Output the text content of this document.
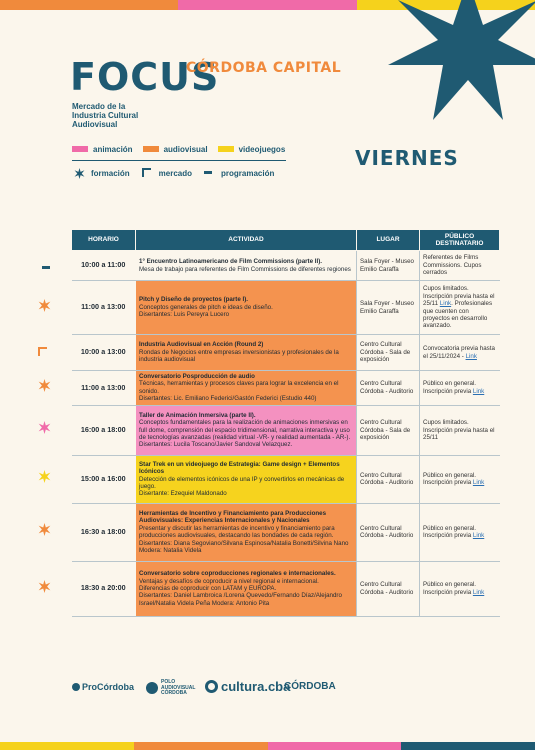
FOCUS
CÓRDOBA CAPITAL
Mercado de la
Industria Cultural
Audiovisual
animación	audiovisual	videojuegos
formación	mercado	programación
VIERNES
HORARIO	ACTIVIDAD	LUGAR	PÚBLICO
DESTINATARIO
10:00 a 11:00	1° Encuentro Latinoamericano de Film Commissions (parte II).
Mesa de trabajo para referentes de Film Commissions de diferentes regiones	Sala Foyer - Museo Emilio Caraffa	Referentes de Films Commissions. Cupos cerrados
11:00 a 13:00	Pitch y Diseño de proyectos (parte I).
Conceptos generales de pitch e ideas de diseño.
Disertantes: Luis Pereyra Lucero	Sala Foyer - Museo Emilio Caraffa	Cupos limitados. Inscripción previa hasta el 25/11 Link. Profesionales que cuenten con proyectos en desarrollo avanzado.
10:00 a 13:00	Industria Audiovisual en Acción (Round 2)
Rondas de Negocios entre empresas inversionistas y profesionales de la industria audiovisual	Centro Cultural Córdoba - Sala de exposición	Convocatoria previa hasta el 25/11/2024 - Link
11:00 a 13:00	Conversatorio Posproducción de audio
Técnicas, herramientas y procesos claves para lograr la excelencia en el sonido.
Disertantes: Lic. Emiliano Federici/Gastón Federici (Estudio 440)	Centro Cultural Córdoba - Auditorio	Público en general. Inscripción previa Link
16:00 a 18:00	Taller de Animación Inmersiva (parte II).
Conceptos fundamentales para la realización de animaciones inmersivas en full dome, comprensión del espacio tridimensional, narrativa interactiva y uso de tecnologías avanzadas (realidad virtual -VR- y realidad aumentada - AR-).
Disertantes: Lucila Toscano/Javier Sandoval Velazquez.	Centro Cultural Córdoba - Sala de exposición	Cupos limitados. Inscripción previa hasta el 25/11
15:00 a 16:00	Star Trek en un videojuego de Estrategia: Game design + Elementos Icónicos
Detección de elementos icónicos de una IP y convertirlos en mecánicas de juego.
Disertante: Ezequiel Maldonado	Centro Cultural Córdoba - Auditorio	Público en general. Inscripción previa Link
16:30 a 18:00	Herramientas de Incentivo y Financiamiento para Producciones Audiovisuales: Experiencias Internacionales y Nacionales
Presentar y discutir las herramientas de incentivo y financiamiento para producciones audiovisuales, destacando las bondades de cada región.
Disertantes: Diana Segoviano/Silvana Espinosa/Natalia Bonetti/Silvina Nano
Modera: Natalia Videla	Centro Cultural Córdoba - Auditorio	Público en general. Inscripción previa Link
18:30 a 20:00	Conversatorio sobre coproducciones regionales e internacionales.
Ventajas y desafíos de coproducir a nivel regional e internacional.
Diferencias de coproducir con LATAM y EUROPA.
Disertantes: Daniel Lambroica /Lorena Quevedo/Fernando Díaz/Alejandro Israel/Natalia Videla Peña Modera: Antonio Pita	Centro Cultural Córdoba - Auditorio	Público en general. Inscripción previa Link
ProCórdoba	POLO AUDIOVISUAL CÓRDOBA	cultura.cba
CÓRDOBA
